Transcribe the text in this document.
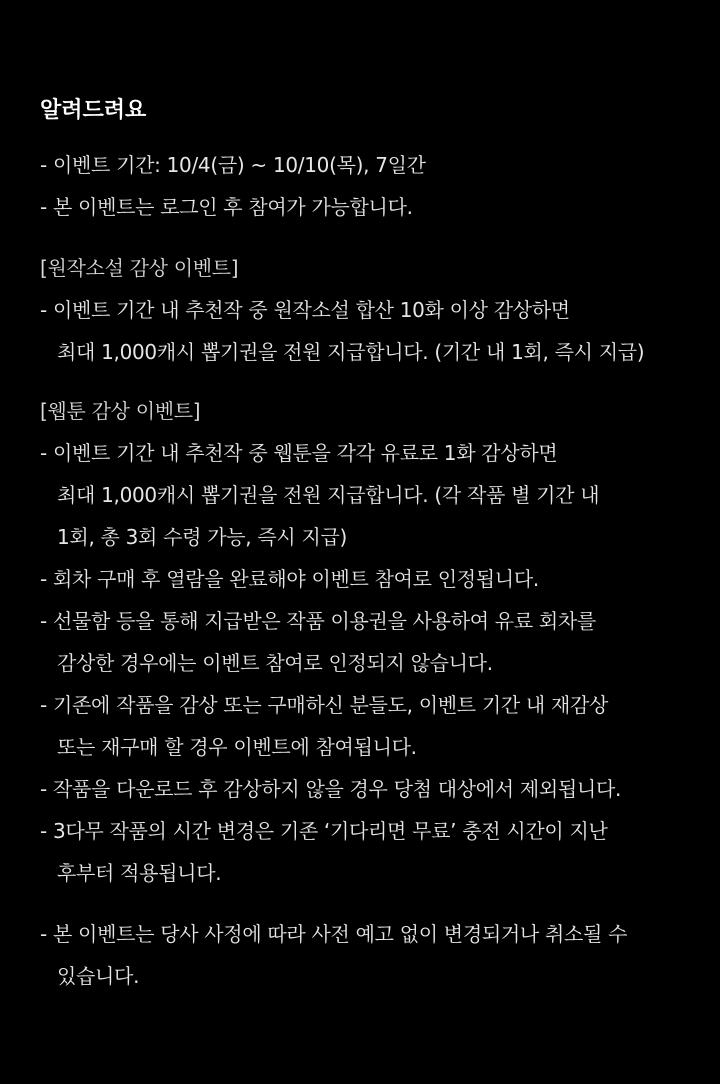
알려드려요
- 이벤트 기간: 10/4(금) ~ 10/10(목), 7일간
- 본 이벤트는 로그인 후 참여가 가능합니다.
[원작소설 감상 이벤트]
- 이벤트 기간 내 추천작 중 원작소설 합산 10화 이상 감상하면
최대 1,000캐시 뽑기권을 전원 지급합니다. (기간 내 1회, 즉시 지급)
[웹툰 감상 이벤트]
- 이벤트 기간 내 추천작 중 웹툰을 각각 유료로 1화 감상하면
최대 1,000캐시 뽑기권을 전원 지급합니다. (각 작품 별 기간 내
1회, 총 3회 수령 가능, 즉시 지급)
- 회차 구매 후 열람을 완료해야 이벤트 참여로 인정됩니다.
- 선물함 등을 통해 지급받은 작품 이용권을 사용하여 유료 회차를
감상한 경우에는 이벤트 참여로 인정되지 않습니다.
- 기존에 작품을 감상 또는 구매하신 분들도, 이벤트 기간 내 재감상
또는 재구매 할 경우 이벤트에 참여됩니다.
- 작품을 다운로드 후 감상하지 않을 경우 당첨 대상에서 제외됩니다.
- 3다무 작품의 시간 변경은 기존 ‘기다리면 무료’ 충전 시간이 지난
후부터 적용됩니다.
- 본 이벤트는 당사 사정에 따라 사전 예고 없이 변경되거나 취소될 수
있습니다.
